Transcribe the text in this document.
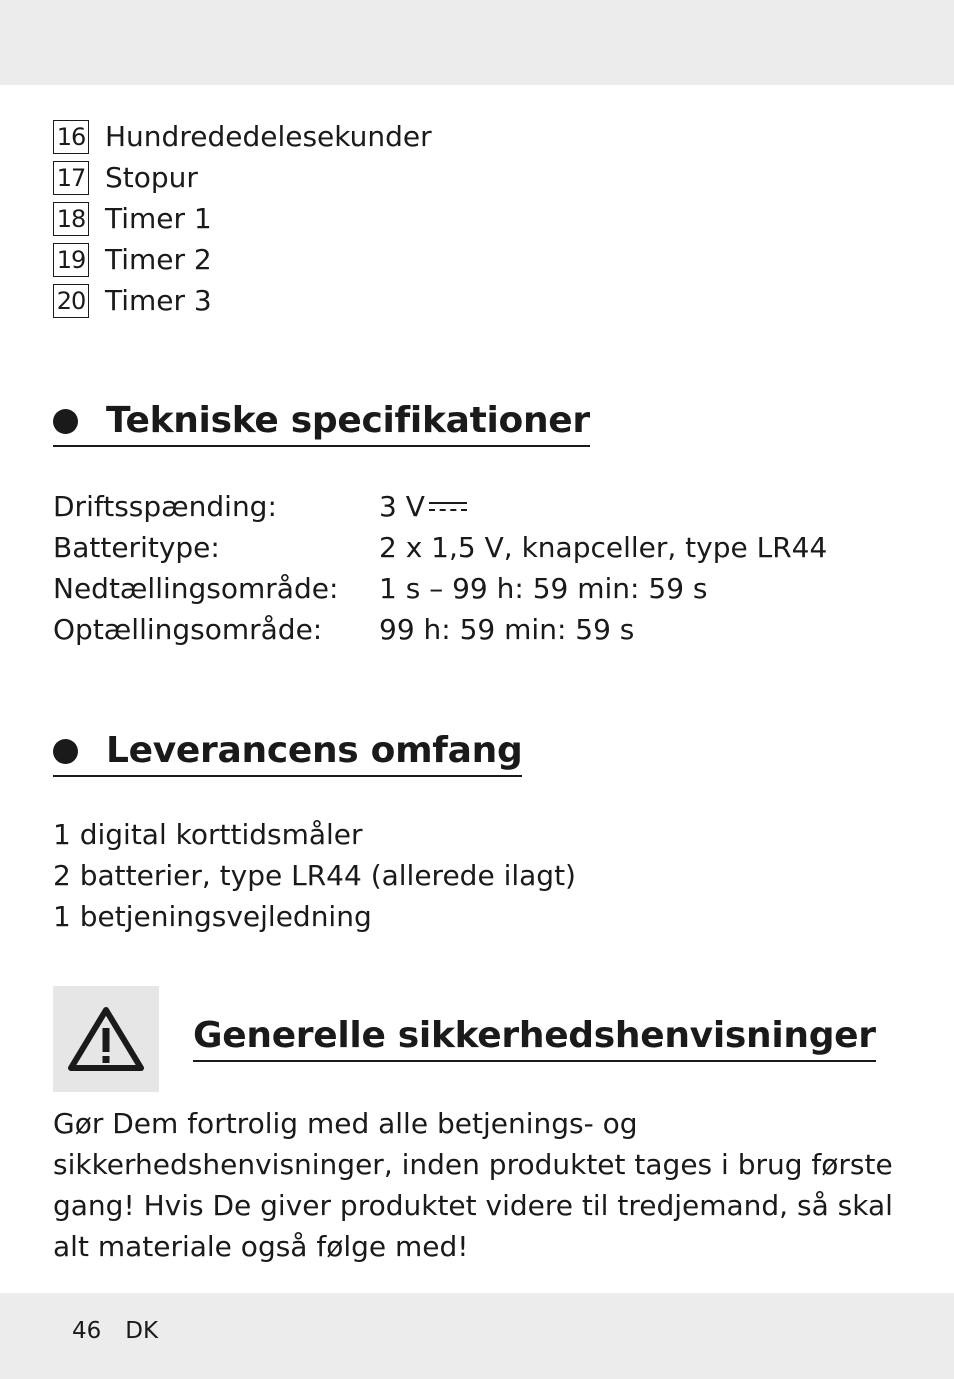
16 Hundrededelesekunder
17 Stopur
18 Timer 1
19 Timer 2
20 Timer 3
Tekniske specifikationer
Driftsspænding:	3 V
Batteritype:	2 x 1,5 V, knapceller, type LR44
Nedtællingsområde:	1 s – 99 h: 59 min: 59 s
Optællingsområde:	99 h: 59 min: 59 s
Leverancens omfang
1 digital korttidsmåler
2 batterier, type LR44 (allerede ilagt)
1 betjeningsvejledning
Generelle sikkerhedshenvisninger
Gør Dem fortrolig med alle betjenings- og sikkerhedshenvisninger, inden produktet tages i brug første gang! Hvis De giver produktet videre til tredjemand, så skal alt materiale også følge med!
46 DK
